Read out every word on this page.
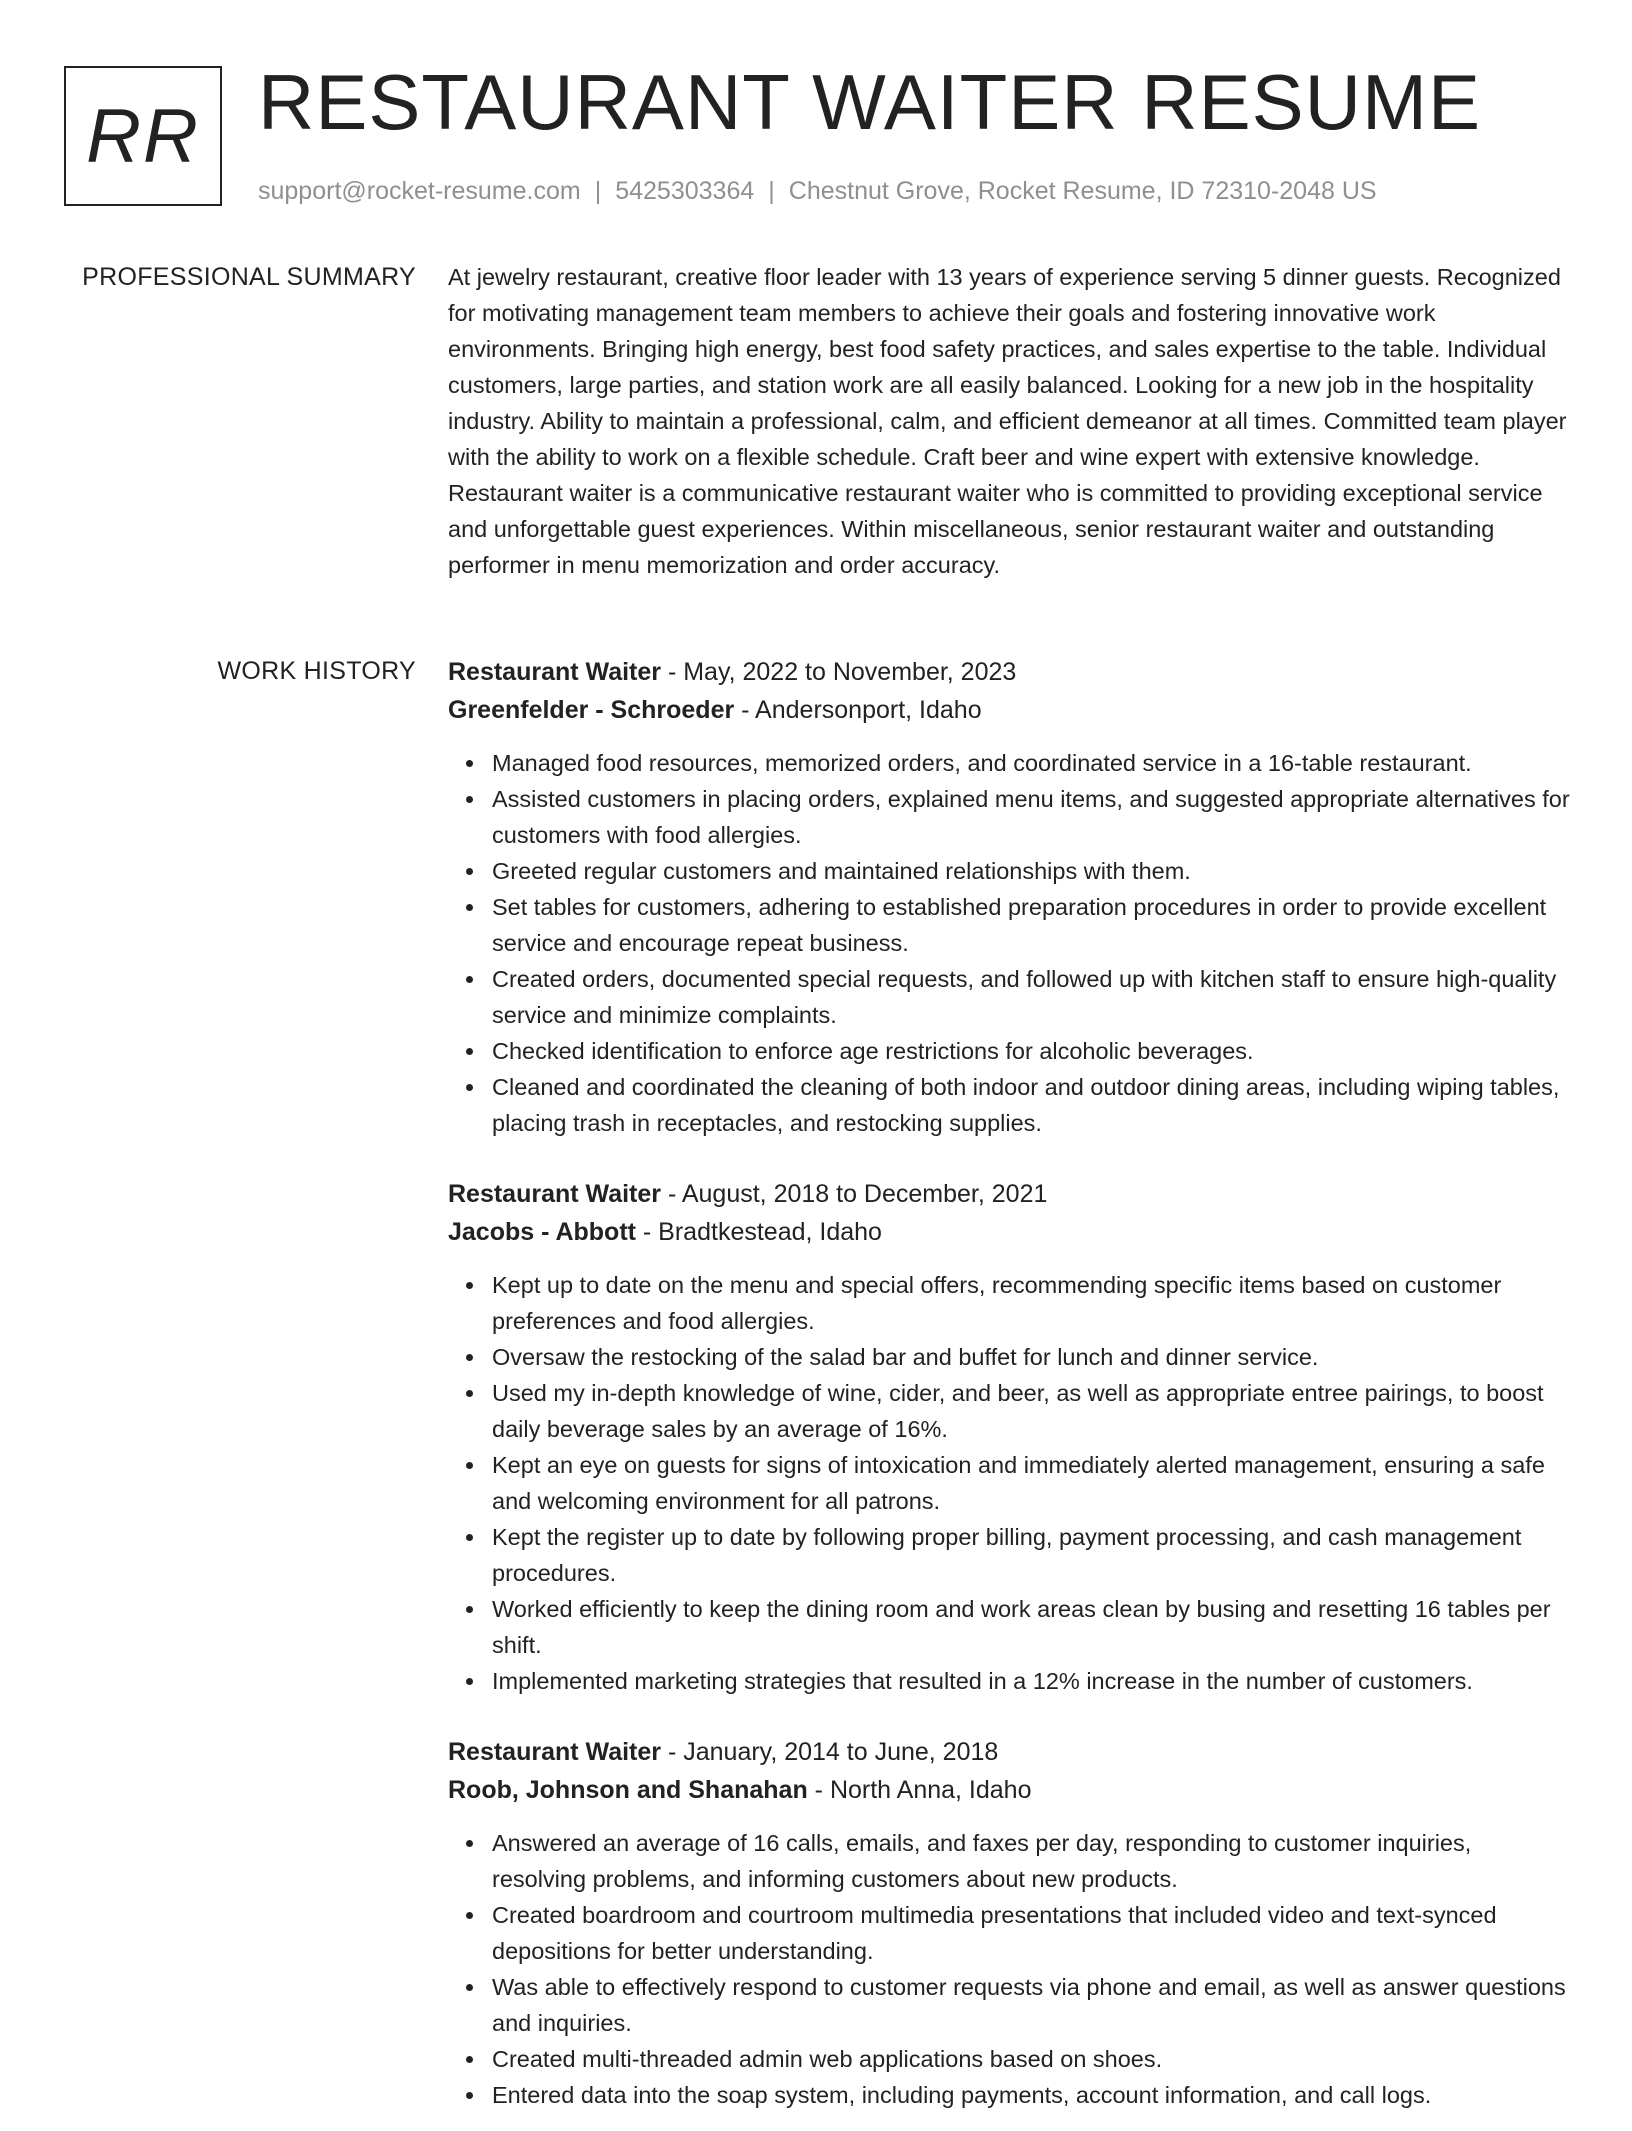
RR RESTAURANT WAITER RESUME
support@rocket-resume.com | 5425303364 | Chestnut Grove, Rocket Resume, ID 72310-2048 US
PROFESSIONAL SUMMARY At jewelry restaurant, creative floor leader with 13 years of experience serving 5 dinner guests. Recognized for motivating management team members to achieve their goals and fostering innovative work environments. Bringing high energy, best food safety practices, and sales expertise to the table. Individual customers, large parties, and station work are all easily balanced. Looking for a new job in the hospitality industry. Ability to maintain a professional, calm, and efficient demeanor at all times. Committed team player with the ability to work on a flexible schedule. Craft beer and wine expert with extensive knowledge. Restaurant waiter is a communicative restaurant waiter who is committed to providing exceptional service and unforgettable guest experiences. Within miscellaneous, senior restaurant waiter and outstanding performer in menu memorization and order accuracy.

WORK HISTORY Restaurant Waiter - May, 2022 to November, 2023
Greenfelder - Schroeder - Andersonport, Idaho
Managed food resources, memorized orders, and coordinated service in a 16-table restaurant.
Assisted customers in placing orders, explained menu items, and suggested appropriate alternatives for customers with food allergies.
Greeted regular customers and maintained relationships with them.
Set tables for customers, adhering to established preparation procedures in order to provide excellent service and encourage repeat business.
Created orders, documented special requests, and followed up with kitchen staff to ensure high-quality service and minimize complaints.
Checked identification to enforce age restrictions for alcoholic beverages.
Cleaned and coordinated the cleaning of both indoor and outdoor dining areas, including wiping tables, placing trash in receptacles, and restocking supplies.
Restaurant Waiter - August, 2018 to December, 2021
Jacobs - Abbott - Bradtkestead, Idaho
Kept up to date on the menu and special offers, recommending specific items based on customer preferences and food allergies.
Oversaw the restocking of the salad bar and buffet for lunch and dinner service.
Used my in-depth knowledge of wine, cider, and beer, as well as appropriate entree pairings, to boost daily beverage sales by an average of 16%.
Kept an eye on guests for signs of intoxication and immediately alerted management, ensuring a safe and welcoming environment for all patrons.
Kept the register up to date by following proper billing, payment processing, and cash management procedures.
Worked efficiently to keep the dining room and work areas clean by busing and resetting 16 tables per shift.
Implemented marketing strategies that resulted in a 12% increase in the number of customers.
Restaurant Waiter - January, 2014 to June, 2018
Roob, Johnson and Shanahan - North Anna, Idaho
Answered an average of 16 calls, emails, and faxes per day, responding to customer inquiries, resolving problems, and informing customers about new products.
Created boardroom and courtroom multimedia presentations that included video and text-synced depositions for better understanding.
Was able to effectively respond to customer requests via phone and email, as well as answer questions and inquiries.
Created multi-threaded admin web applications based on shoes.
Entered data into the soap system, including payments, account information, and call logs.
